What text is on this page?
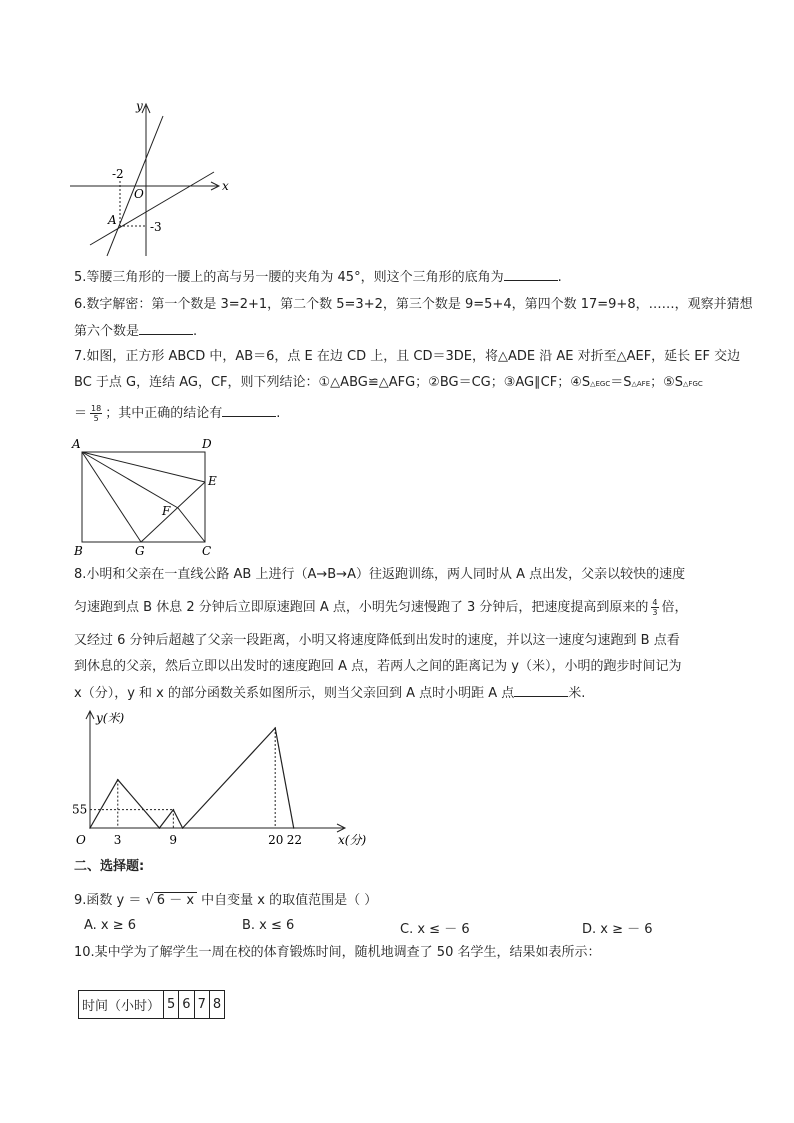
x
y
O
A
-2
-3
5.等腰三角形的一腰上的高与另一腰的夹角为 45°，则这个三角形的底角为	.
6.数字解密：第一个数是 3=2+1，第二个数 5=3+2，第三个数是 9=5+4，第四个数 17=9+8，……，观察并猜想
第六个数是	.
7.如图，正方形 ABCD 中，AB＝6，点 E 在边 CD 上，且 CD＝3DE，将△ADE 沿 AE 对折至△AEF，延长 EF 交边
BC 于点 G，连结 AG，CF，则下列结论：①△ABG≌△AFG；②BG＝CG；③AG∥CF；④S△EGC＝S△AFE；⑤S△FGC
＝ $\frac{18}{5}$ ；其中正确的结论有	.
A	D
E
F
B	G	C
8.小明和父亲在一直线公路 AB 上进行（A→B→A）往返跑训练，两人同时从 A 点出发，父亲以较快的速度
匀速跑到点 B 休息 2 分钟后立即原速跑回 A 点，小明先匀速慢跑了 3 分钟后，把速度提高到原来的 $\frac{4}{3}$ 倍，
又经过 6 分钟后超越了父亲一段距离，小明又将速度降低到出发时的速度，并以这一速度匀速跑到 B 点看
到休息的父亲，然后立即以出发时的速度跑回 A 点，若两人之间的距离记为 y（米），小明的跑步时间记为
x（分），y 和 x 的部分函数关系如图所示，则当父亲回到 A 点时小明距 A 点	米.
3	9	20 22
55
y(米)
x(分)
O
二、选择题:
9.函数 y ＝ √ 6 － x 中自变量 x 的取值范围是（ ）
A. x ≥ 6	B. x ≤ 6	C. x ≤ － 6	D. x ≥ － 6
10.某中学为了解学生一周在校的体育锻炼时间，随机地调查了 50 名学生，结果如表所示：
时间（小时）	5	6	7	8
